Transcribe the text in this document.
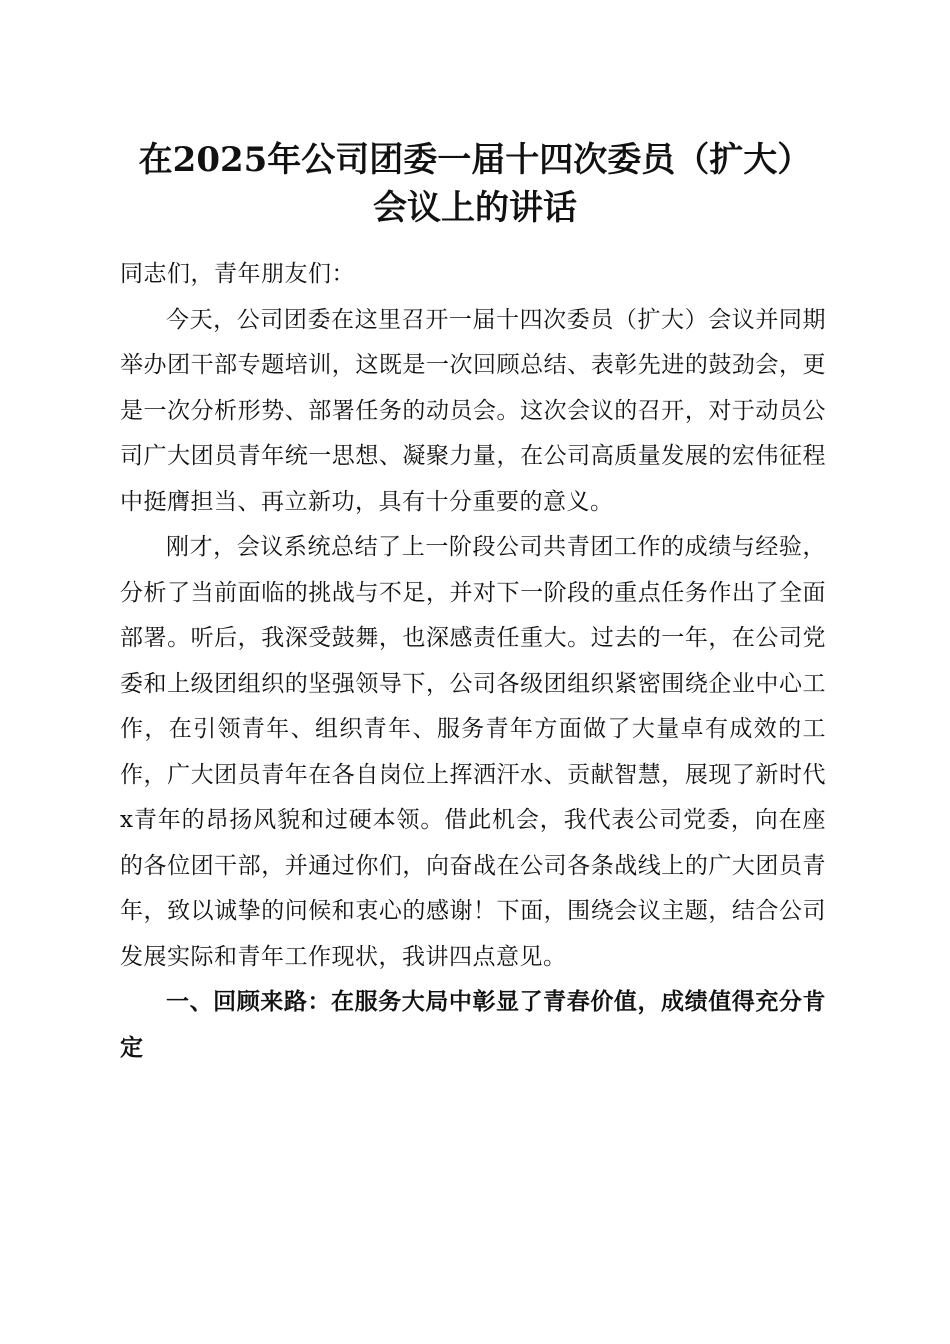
在2025年公司团委一届十四次委员（扩大）
会议上的讲话

同志们，青年朋友们：

今天，公司团委在这里召开一届十四次委员（扩大）会议并同期举办团干部专题培训，这既是一次回顾总结、表彰先进的鼓劲会，更是一次分析形势、部署任务的动员会。这次会议的召开，对于动员公司广大团员青年统一思想、凝聚力量，在公司高质量发展的宏伟征程中挺膺担当、再立新功，具有十分重要的意义。

刚才，会议系统总结了上一阶段公司共青团工作的成绩与经验，分析了当前面临的挑战与不足，并对下一阶段的重点任务作出了全面部署。听后，我深受鼓舞，也深感责任重大。过去的一年，在公司党委和上级团组织的坚强领导下，公司各级团组织紧密围绕企业中心工作，在引领青年、组织青年、服务青年方面做了大量卓有成效的工作，广大团员青年在各自岗位上挥洒汗水、贡献智慧，展现了新时代x青年的昂扬风貌和过硬本领。借此机会，我代表公司党委，向在座的各位团干部，并通过你们，向奋战在公司各条战线上的广大团员青年，致以诚挚的问候和衷心的感谢！下面，围绕会议主题，结合公司发展实际和青年工作现状，我讲四点意见。

一、回顾来路：在服务大局中彰显了青春价值，成绩值得充分肯定
